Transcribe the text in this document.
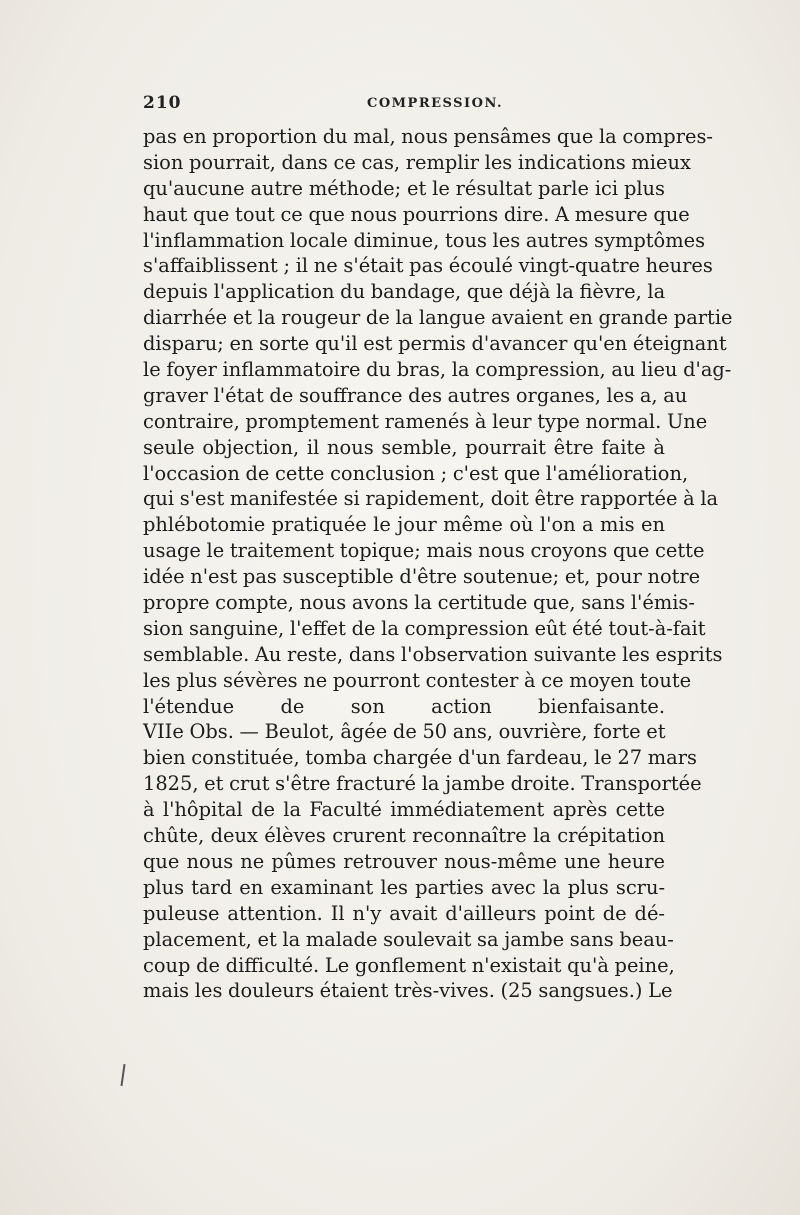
210	COMPRESSION.
pas en proportion du mal, nous pensâmes que la compres-
sion pourrait, dans ce cas, remplir les indications mieux
qu'aucune autre méthode; et le résultat parle ici plus
haut que tout ce que nous pourrions dire. A mesure que
l'inflammation locale diminue, tous les autres symptômes
s'affaiblissent ; il ne s'était pas écoulé vingt-quatre heures
depuis l'application du bandage, que déjà la fièvre, la
diarrhée et la rougeur de la langue avaient en grande partie
disparu; en sorte qu'il est permis d'avancer qu'en éteignant
le foyer inflammatoire du bras, la compression, au lieu d'ag-
graver l'état de souffrance des autres organes, les a, au
contraire, promptement ramenés à leur type normal. Une
seule objection, il nous semble, pourrait être faite à
l'occasion de cette conclusion ; c'est que l'amélioration,
qui s'est manifestée si rapidement, doit être rapportée à la
phlébotomie pratiquée le jour même où l'on a mis en
usage le traitement topique; mais nous croyons que cette
idée n'est pas susceptible d'être soutenue; et, pour notre
propre compte, nous avons la certitude que, sans l'émis-
sion sanguine, l'effet de la compression eût été tout-à-fait
semblable. Au reste, dans l'observation suivante les esprits
les plus sévères ne pourront contester à ce moyen toute
l'étendue de son action bienfaisante.
VIIe Obs. — Beulot, âgée de 50 ans, ouvrière, forte et
bien constituée, tomba chargée d'un fardeau, le 27 mars
1825, et crut s'être fracturé la jambe droite. Transportée
à l'hôpital de la Faculté immédiatement après cette
chûte, deux élèves crurent reconnaître la crépitation
que nous ne pûmes retrouver nous-même une heure
plus tard en examinant les parties avec la plus scru-
puleuse attention. Il n'y avait d'ailleurs point de dé-
placement, et la malade soulevait sa jambe sans beau-
coup de difficulté. Le gonflement n'existait qu'à peine,
mais les douleurs étaient très-vives. (25 sangsues.) Le
